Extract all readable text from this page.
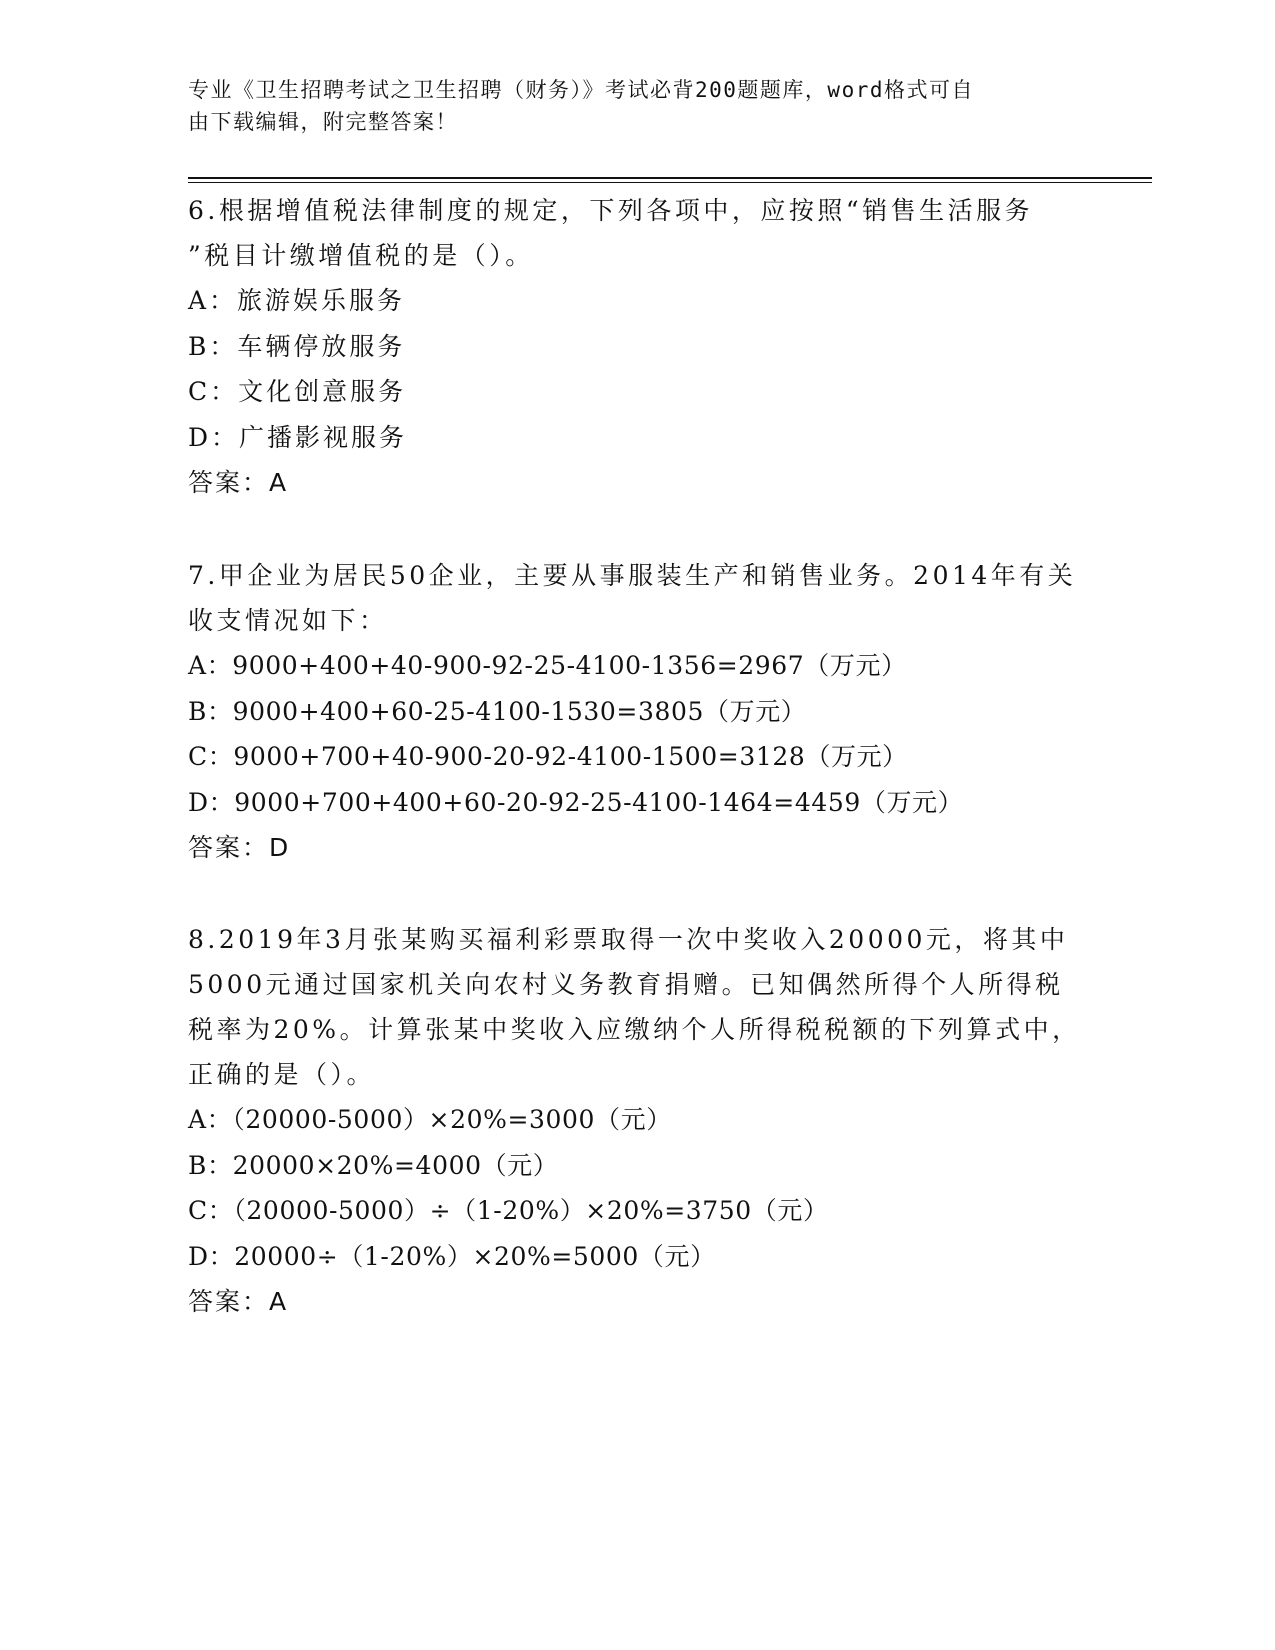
专业《卫生招聘考试之卫生招聘（财务）》考试必背200题题库，word格式可自
由下载编辑，附完整答案！

6.根据增值税法律制度的规定，下列各项中，应按照“销售生活服务

”税目计缴增值税的是（）。

A：旅游娱乐服务

B：车辆停放服务

C：文化创意服务

D：广播影视服务

答案：A

7.甲企业为居民50企业，主要从事服装生产和销售业务。2014年有关

收支情况如下：

A：9000+400+40-900-92-25-4100-1356=2967（万元）

B：9000+400+60-25-4100-1530=3805（万元）

C：9000+700+40-900-20-92-4100-1500=3128（万元）

D：9000+700+400+60-20-92-25-4100-1464=4459（万元）

答案：D

8.2019年3月张某购买福利彩票取得一次中奖收入20000元，将其中

5000元通过国家机关向农村义务教育捐赠。已知偶然所得个人所得税

税率为20%。计算张某中奖收入应缴纳个人所得税税额的下列算式中，

正确的是（）。

A：（20000-5000）×20%=3000（元）

B：20000×20%=4000（元）

C：（20000-5000）÷（1-20%）×20%=3750（元）

D：20000÷（1-20%）×20%=5000（元）

答案：A
